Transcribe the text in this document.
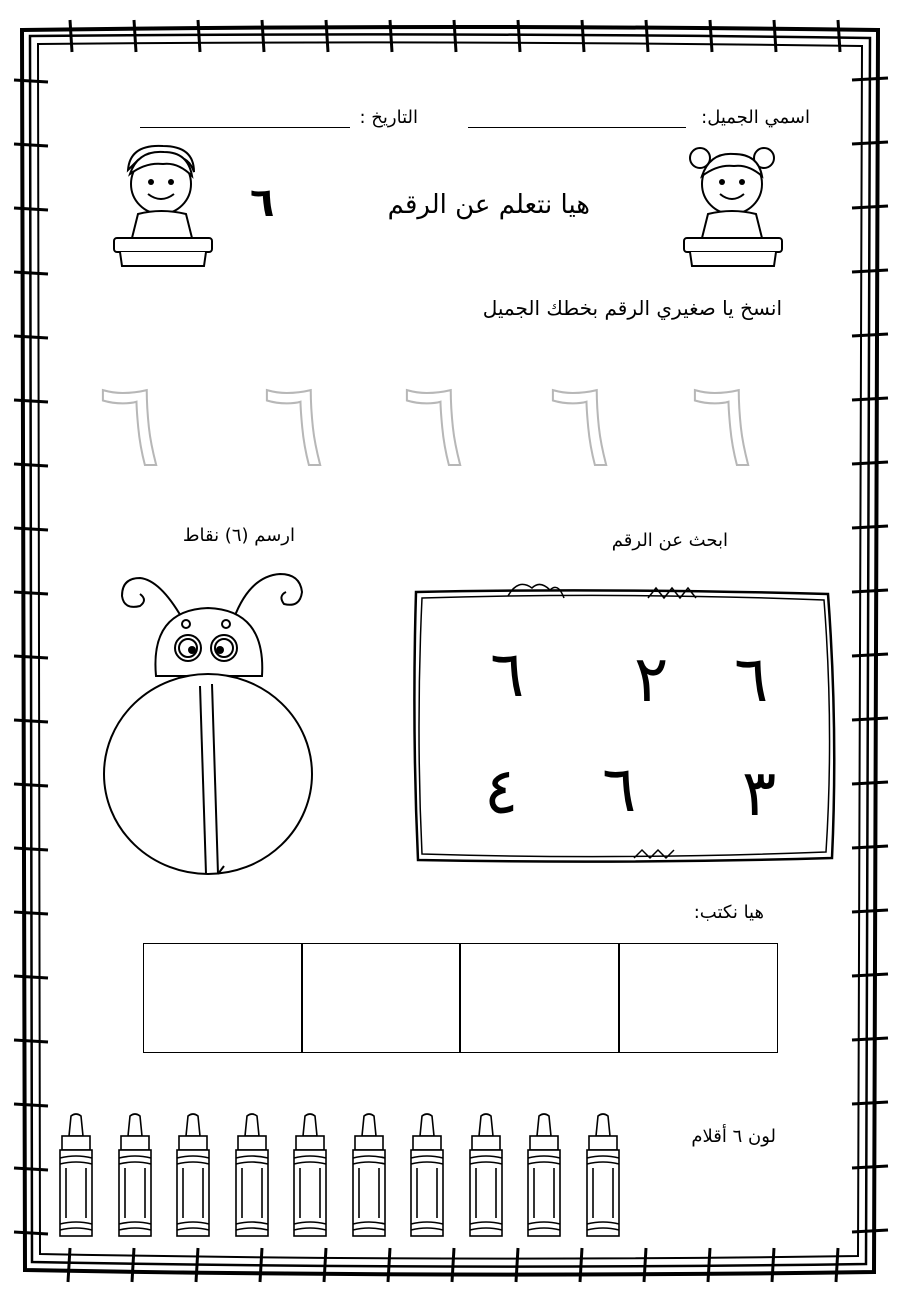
اسمي الجميل:
التاريخ :
هيا نتعلم عن الرقم
٦
انسخ يا صغيري الرقم بخطك الجميل
٦ ٦ ٦ ٦ ٦
ارسم (٦) نقاط	ابحث عن الرقم
٦
٢
٦
٣
٦
٤
هيا نكتب:
لون ٦ أقلام
